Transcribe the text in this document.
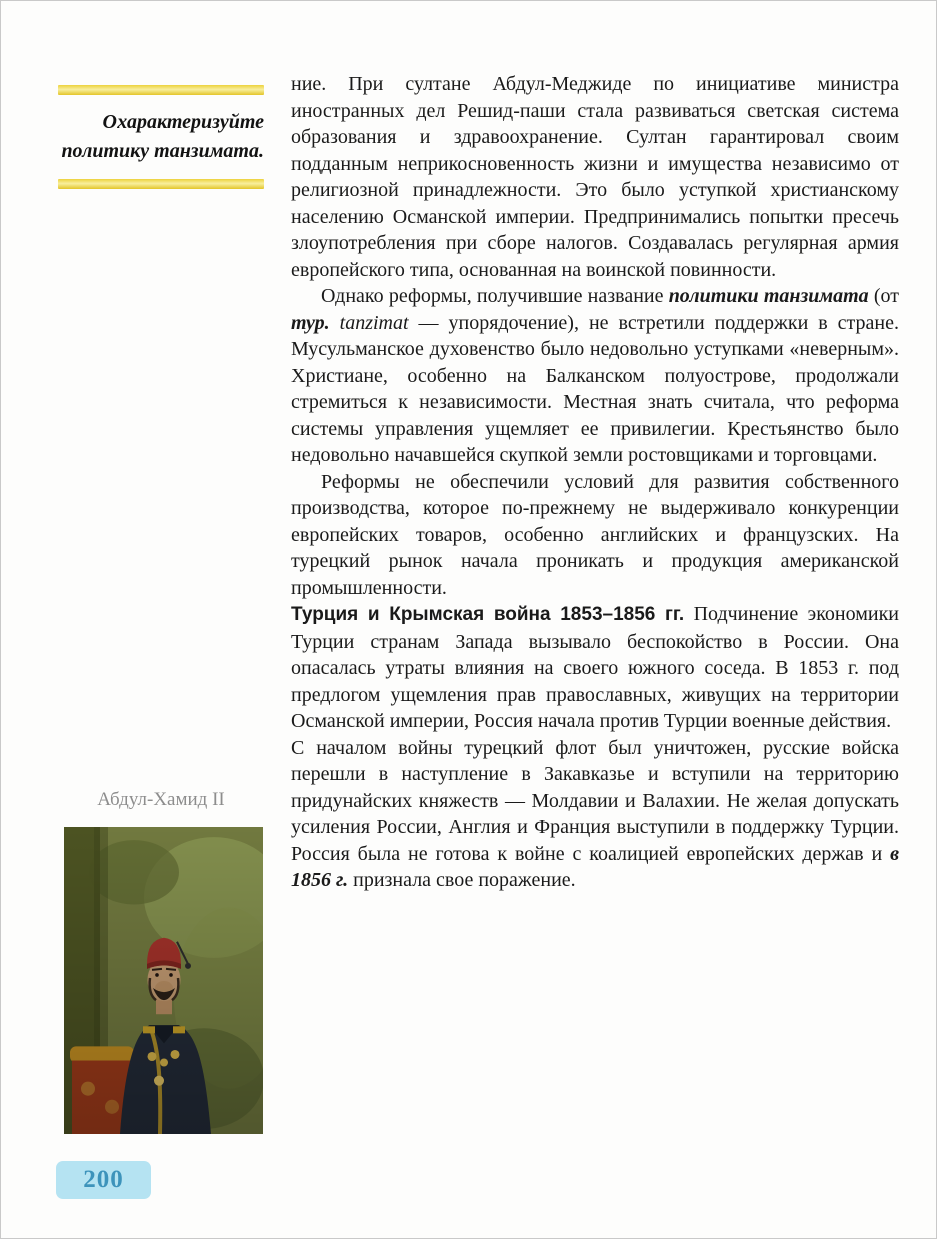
Охарактеризуйте политику танзимата.

Абдул-Хамид II

ние. При султане Абдул-Меджиде по инициативе министра иностранных дел Решид-паши стала развиваться светская система образования и здравоохранение. Султан гарантировал своим подданным неприкосновенность жизни и имущества независимо от религиозной принадлежности. Это было уступкой христианскому населению Османской империи. Предпринимались попытки пресечь злоупотребления при сборе налогов. Создавалась регулярная армия европейского типа, основанная на воинской повинности.

Однако реформы, получившие название политики танзимата (от тур. tanzimat — упорядочение), не встретили поддержки в стране. Мусульманское духовенство было недовольно уступками «неверным». Христиане, особенно на Балканском полуострове, продолжали стремиться к независимости. Местная знать считала, что реформа системы управления ущемляет ее привилегии. Крестьянство было недовольно начавшейся скупкой земли ростовщиками и торговцами.

Реформы не обеспечили условий для развития собственного производства, которое по-прежнему не выдерживало конкуренции европейских товаров, особенно английских и французских. На турецкий рынок начала проникать и продукция американской промышленности.

Турция и Крымская война 1853–1856 гг. Подчинение экономики Турции странам Запада вызывало беспокойство в России. Она опасалась утраты влияния на своего южного соседа. В 1853 г. под предлогом ущемления прав православных, живущих на территории Османской империи, Россия начала против Турции военные действия.

С началом войны турецкий флот был уничтожен, русские войска перешли в наступление в Закавказье и вступили на территорию придунайских княжеств — Молдавии и Валахии. Не желая допускать усиления России, Англия и Франция выступили в поддержку Турции. Россия была не готова к войне с коалицией европейских держав и в 1856 г. признала свое поражение.

200
